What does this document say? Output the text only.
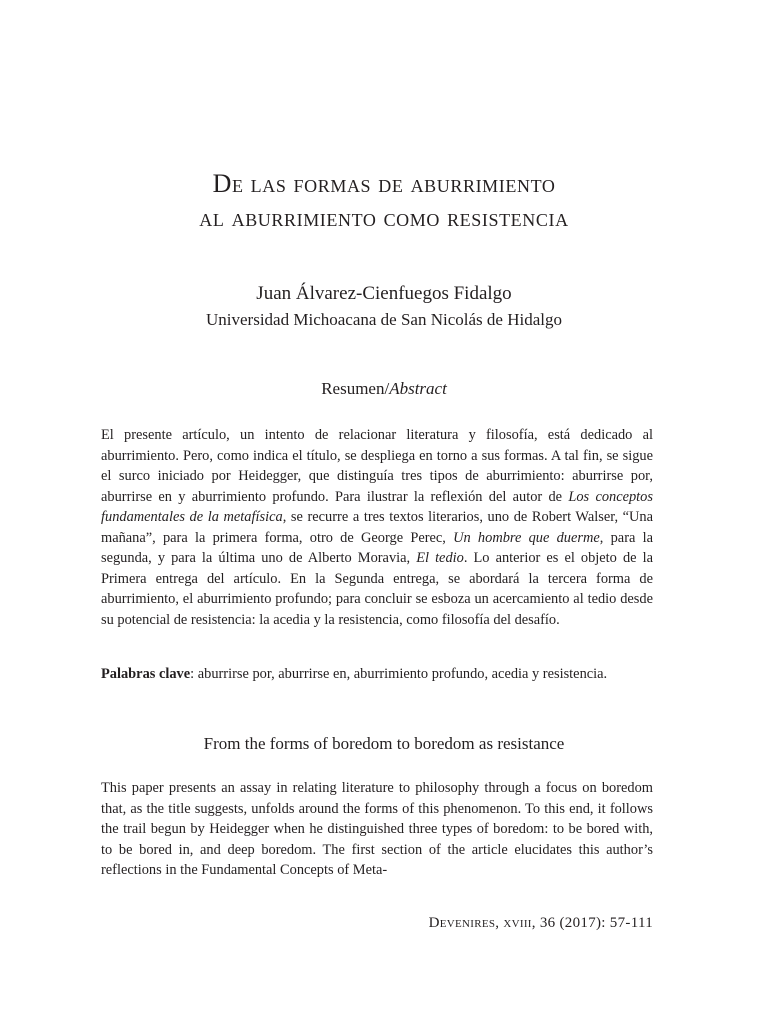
De las formas de aburrimiento
al aburrimiento como resistencia
Juan Álvarez-Cienfuegos Fidalgo
Universidad Michoacana de San Nicolás de Hidalgo
Resumen/Abstract

El presente artículo, un intento de relacionar literatura y filosofía, está dedicado al aburrimiento. Pero, como indica el título, se despliega en torno a sus formas. A tal fin, se sigue el surco iniciado por Heidegger, que distinguía tres tipos de aburrimiento: aburrirse por, aburrirse en y aburrimiento profundo. Para ilustrar la reflexión del autor de Los conceptos fundamentales de la metafísica, se recurre a tres textos literarios, uno de Robert Walser, “Una mañana”, para la primera forma, otro de George Perec, Un hombre que duerme, para la segunda, y para la última uno de Alberto Moravia, El tedio. Lo anterior es el objeto de la Primera entrega del artículo. En la Segunda entrega, se abordará la tercera forma de aburrimiento, el aburrimiento profundo; para concluir se esboza un acercamiento al tedio desde su potencial de resistencia: la acedia y la resistencia, como filosofía del desafío.

Palabras clave: aburrirse por, aburrirse en, aburrimiento profundo, acedia y resistencia.

From the forms of boredom to boredom as resistance

This paper presents an assay in relating literature to philosophy through a focus on boredom that, as the title suggests, unfolds around the forms of this phenomenon. To this end, it follows the trail begun by Heidegger when he distinguished three types of boredom: to be bored with, to be bored in, and deep boredom. The first section of the article elucidates this author’s reflections in the Fundamental Concepts of Meta-

Devenires, xviii, 36 (2017): 57-111
